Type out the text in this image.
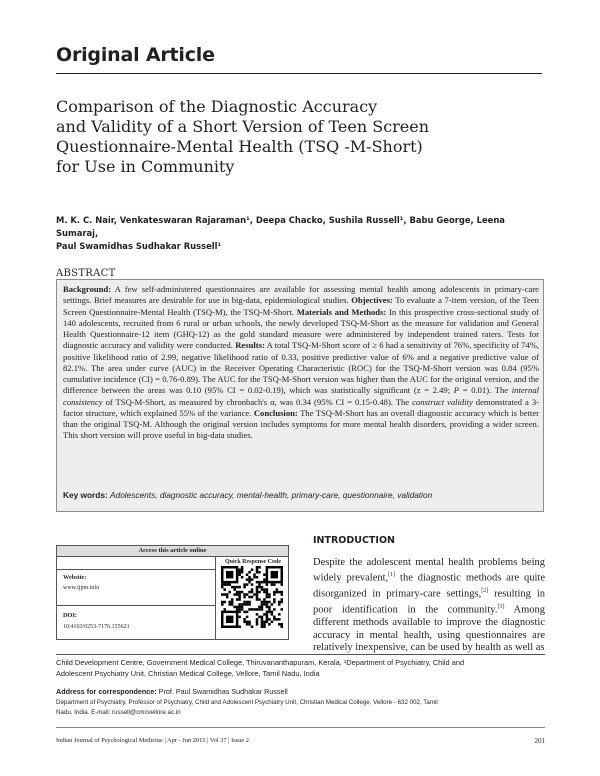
Original Article
Comparison of the Diagnostic Accuracy
and Validity of a Short Version of Teen Screen
Questionnaire-Mental Health (TSQ -M-Short)
for Use in Community
M. K. C. Nair, Venkateswaran Rajaraman¹, Deepa Chacko, Sushila Russell¹, Babu George, Leena Sumaraj,
Paul Swamidhas Sudhakar Russell¹
ABSTRACT
Background: A few self-administered questionnaires are available for assessing mental health among adolescents in primary-care settings. Brief measures are desirable for use in big-data, epidemiological studies. Objectives: To evaluate a 7-item version, of the Teen Screen Questionnaire-Mental Health (TSQ-M), the TSQ-M-Short. Materials and Methods: In this prospective cross-sectional study of 140 adolescents, recruited from 6 rural or urban schools, the newly developed TSQ-M-Short as the measure for validation and General Health Questionnaire-12 item (GHQ-12) as the gold standard measure were administered by independent trained raters. Tests for diagnostic accuracy and validity were conducted. Results: A total TSQ-M-Short score of ≥ 6 had a sensitivity of 76%, specificity of 74%, positive likelihood ratio of 2.99, negative likelihood ratio of 0.33, positive predictive value of 6% and a negative predictive value of 82.1%. The area under curve (AUC) in the Receiver Operating Characteristic (ROC) for the TSQ-M-Short version was 0.84 (95% cumulative incidence (CI) = 0.76-0.89). The AUC for the TSQ-M-Short version was higher than the AUC for the original version, and the difference between the areas was 0.10 (95% CI = 0.02-0.19), which was statistically significant (z = 2.49; P = 0.01). The internal consistency of TSQ-M-Short, as measured by chronbach's α, was 0.34 (95% CI = 0.15-0.48). The construct validity demonstrated a 3-factor structure, which explained 55% of the variance. Conclusion: The TSQ-M-Short has an overall diagnostic accuracy which is better than the original TSQ-M. Although the original version includes symptoms for more mental health disorders, providing a wider screen. This short version will prove useful in big-data studies.
Key words: Adolescents, diagnostic accuracy, mental-health, primary-care, questionnaire, validation
Access this article online
Quick Response Code
Website:
www.ijpm.info
DOI:
10.4103/0253-7176.155621
INTRODUCTION
Despite the adolescent mental health problems being widely prevalent,[1] the diagnostic methods are quite disorganized in primary-care settings,[2] resulting in poor identification in the community.[3] Among different methods available to improve the diagnostic accuracy in mental health, using questionnaires are relatively inexpensive, can be used by health as well as
Child Development Centre, Government Medical College, Thiruvananthapuram, Kerala, ¹Department of Psychiatry, Child and
Adolescent Psychiatry Unit, Christian Medical College, Vellore, Tamil Nadu, India
Address for correspondence: Prof. Paul Swamidhas Sudhakar Russell
Department of Psychiatry, Professor of Psychiatry, Child and Adolescent Psychiatry Unit, Christian Medical College, Vellore - 632 002, Tamil
Nadu, India. E-mail: russell@cmcvellore.ac.in
Indian Journal of Psychological Medicine | Apr - Jun 2015 | Vol 37 | Issue 2	201
